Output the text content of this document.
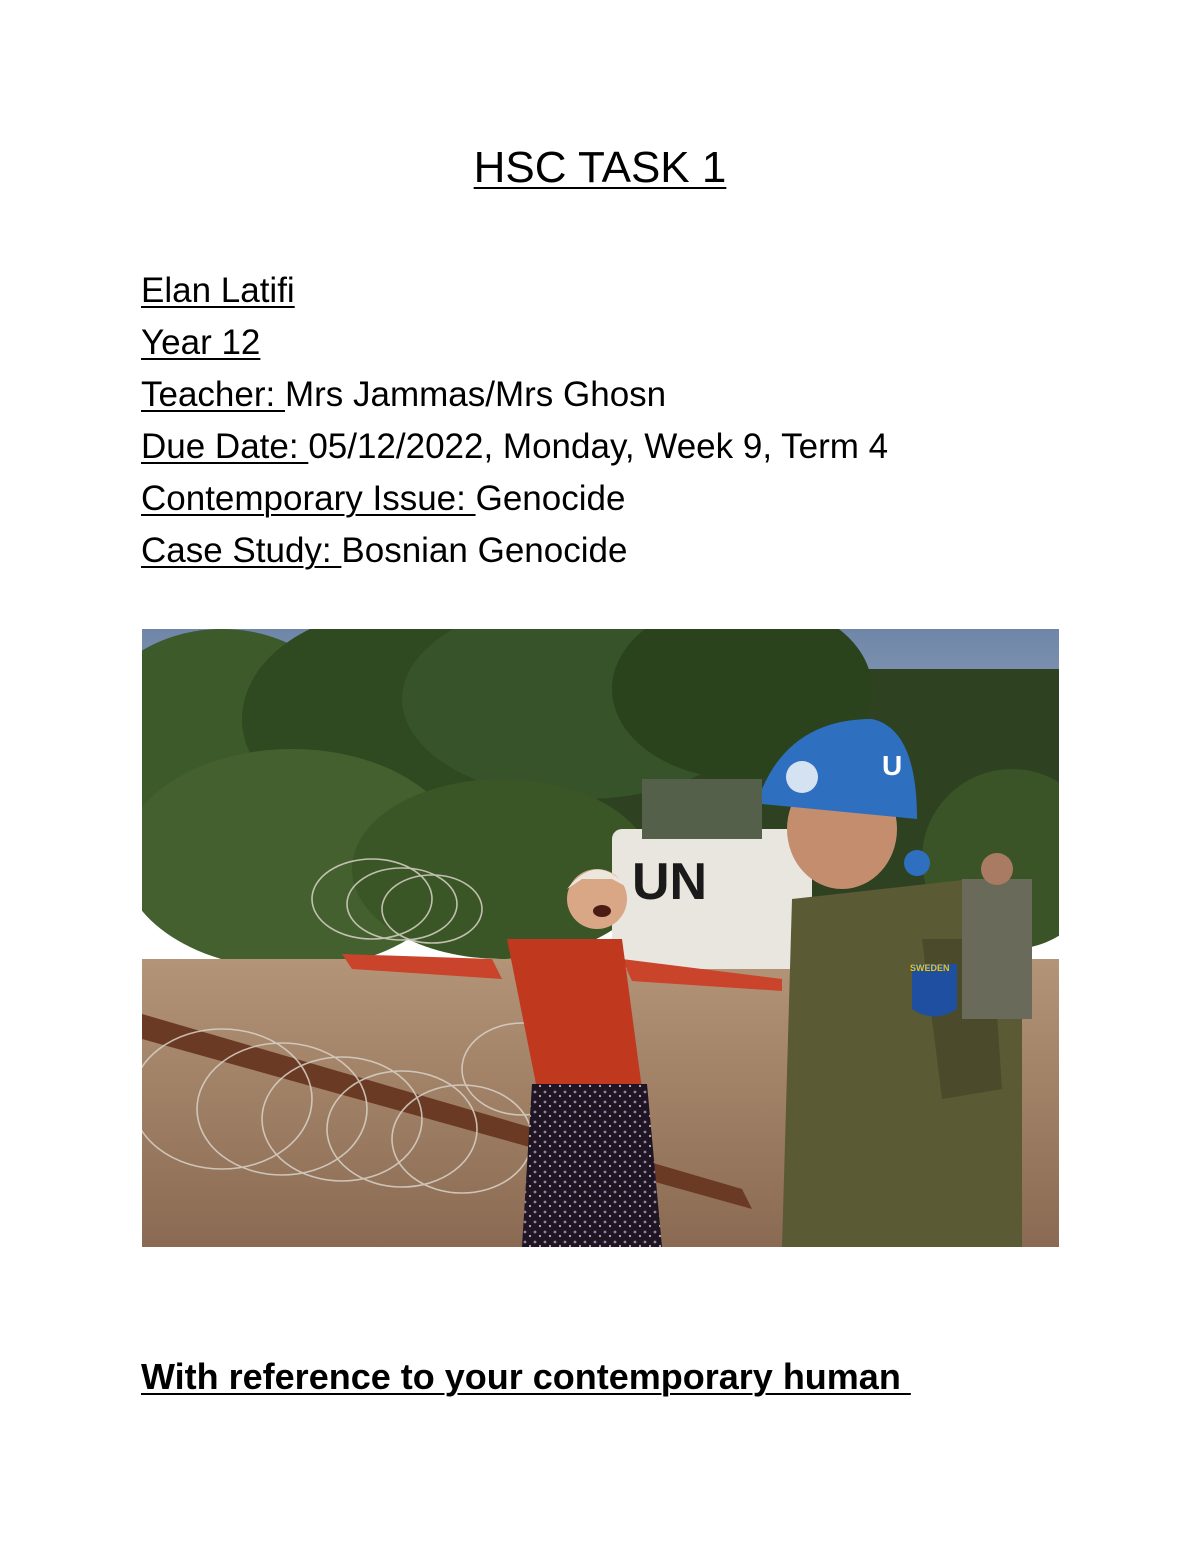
HSC TASK 1
Elan Latifi
Year 12
Teacher: Mrs Jammas/Mrs Ghosn
Due Date: 05/12/2022, Monday, Week 9, Term 4
Contemporary Issue: Genocide
Case Study: Bosnian Genocide
UN
U
SWEDEN
With reference to your contemporary human
